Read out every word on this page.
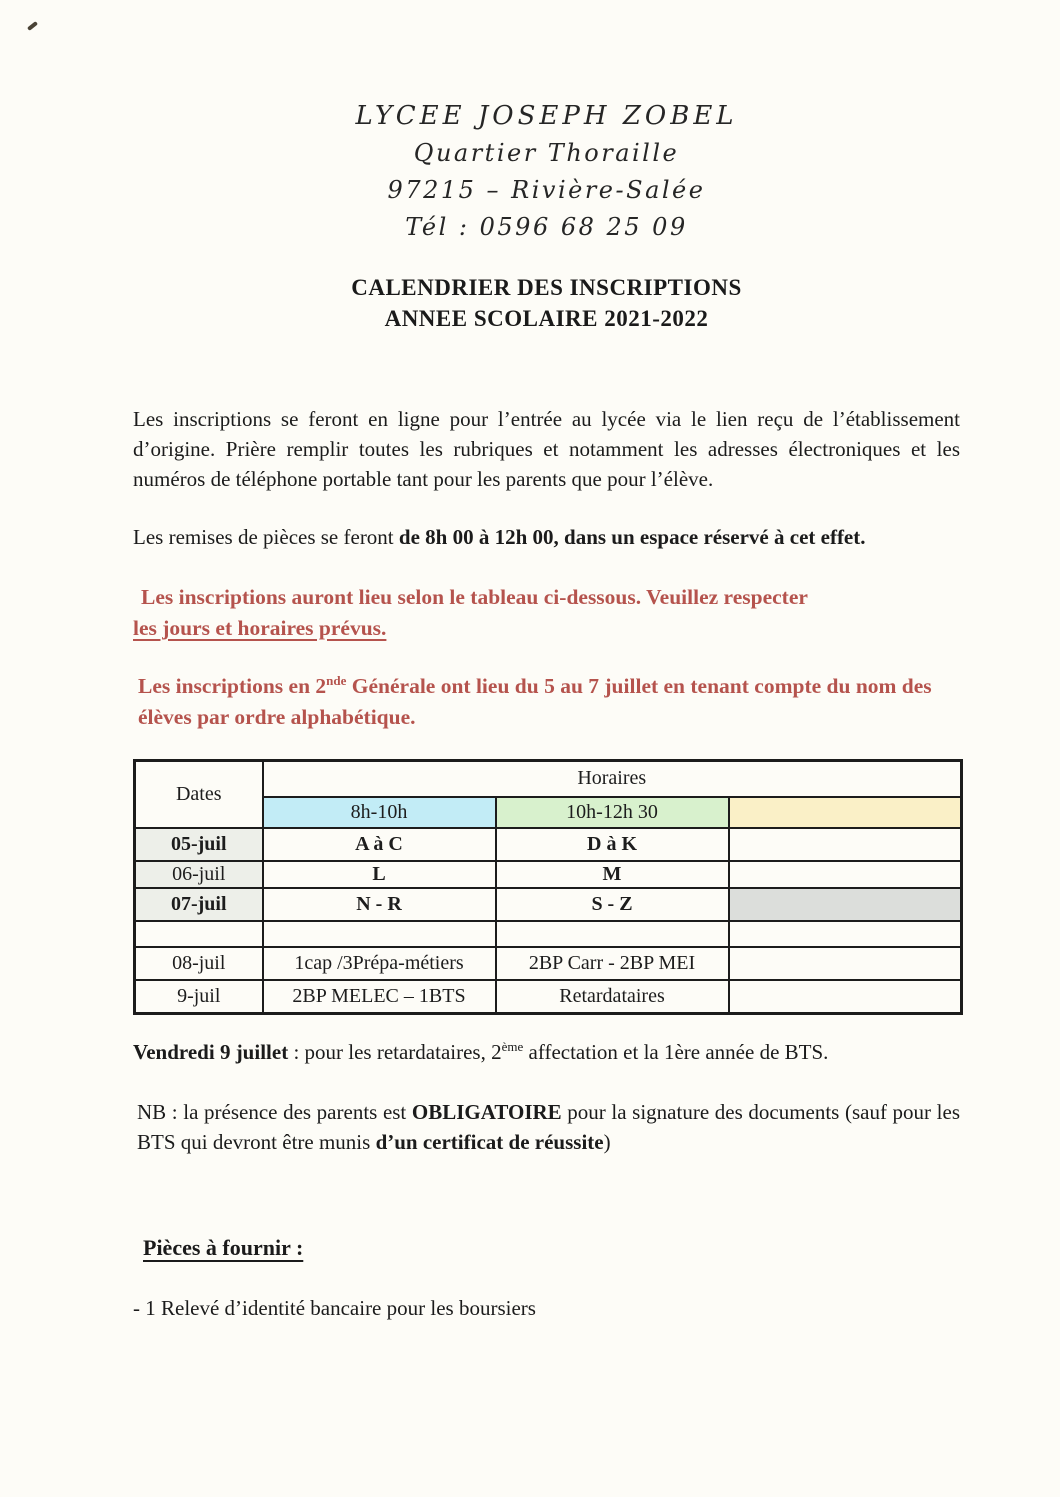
LYCEE JOSEPH ZOBEL
Quartier Thoraille
97215 – Rivière-Salée
Tél : 0596 68 25 09
CALENDRIER DES INSCRIPTIONS
ANNEE SCOLAIRE 2021-2022

Les inscriptions se feront en ligne pour l’entrée au lycée via le lien reçu de l’établissement d’origine. Prière remplir toutes les rubriques et notamment les adresses électroniques et les numéros de téléphone portable tant pour les parents que pour l’élève.

Les remises de pièces se feront de 8h 00 à 12h 00, dans un espace réservé à cet effet.

Les inscriptions auront lieu selon le tableau ci-dessous. Veuillez respecter les jours et horaires prévus.

Les inscriptions en 2nde Générale ont lieu du 5 au 7 juillet en tenant compte du nom des élèves par ordre alphabétique.

Dates	Horaires		
	8h-10h	10h-12h 30	
05-juil	A à C	D à K	
06-juil	L	M	
07-juil	N - R	S - Z	

08-juil	1cap /3Prépa-métiers	2BP Carr - 2BP MEI	
9-juil	2BP MELEC – 1BTS	Retardataires	

Vendredi 9 juillet : pour les retardataires, 2ème affectation et la 1ère année de BTS.

NB : la présence des parents est OBLIGATOIRE pour la signature des documents (sauf pour les BTS qui devront être munis d’un certificat de réussite)

Pièces à fournir :

- 1 Relevé d’identité bancaire pour les boursiers
